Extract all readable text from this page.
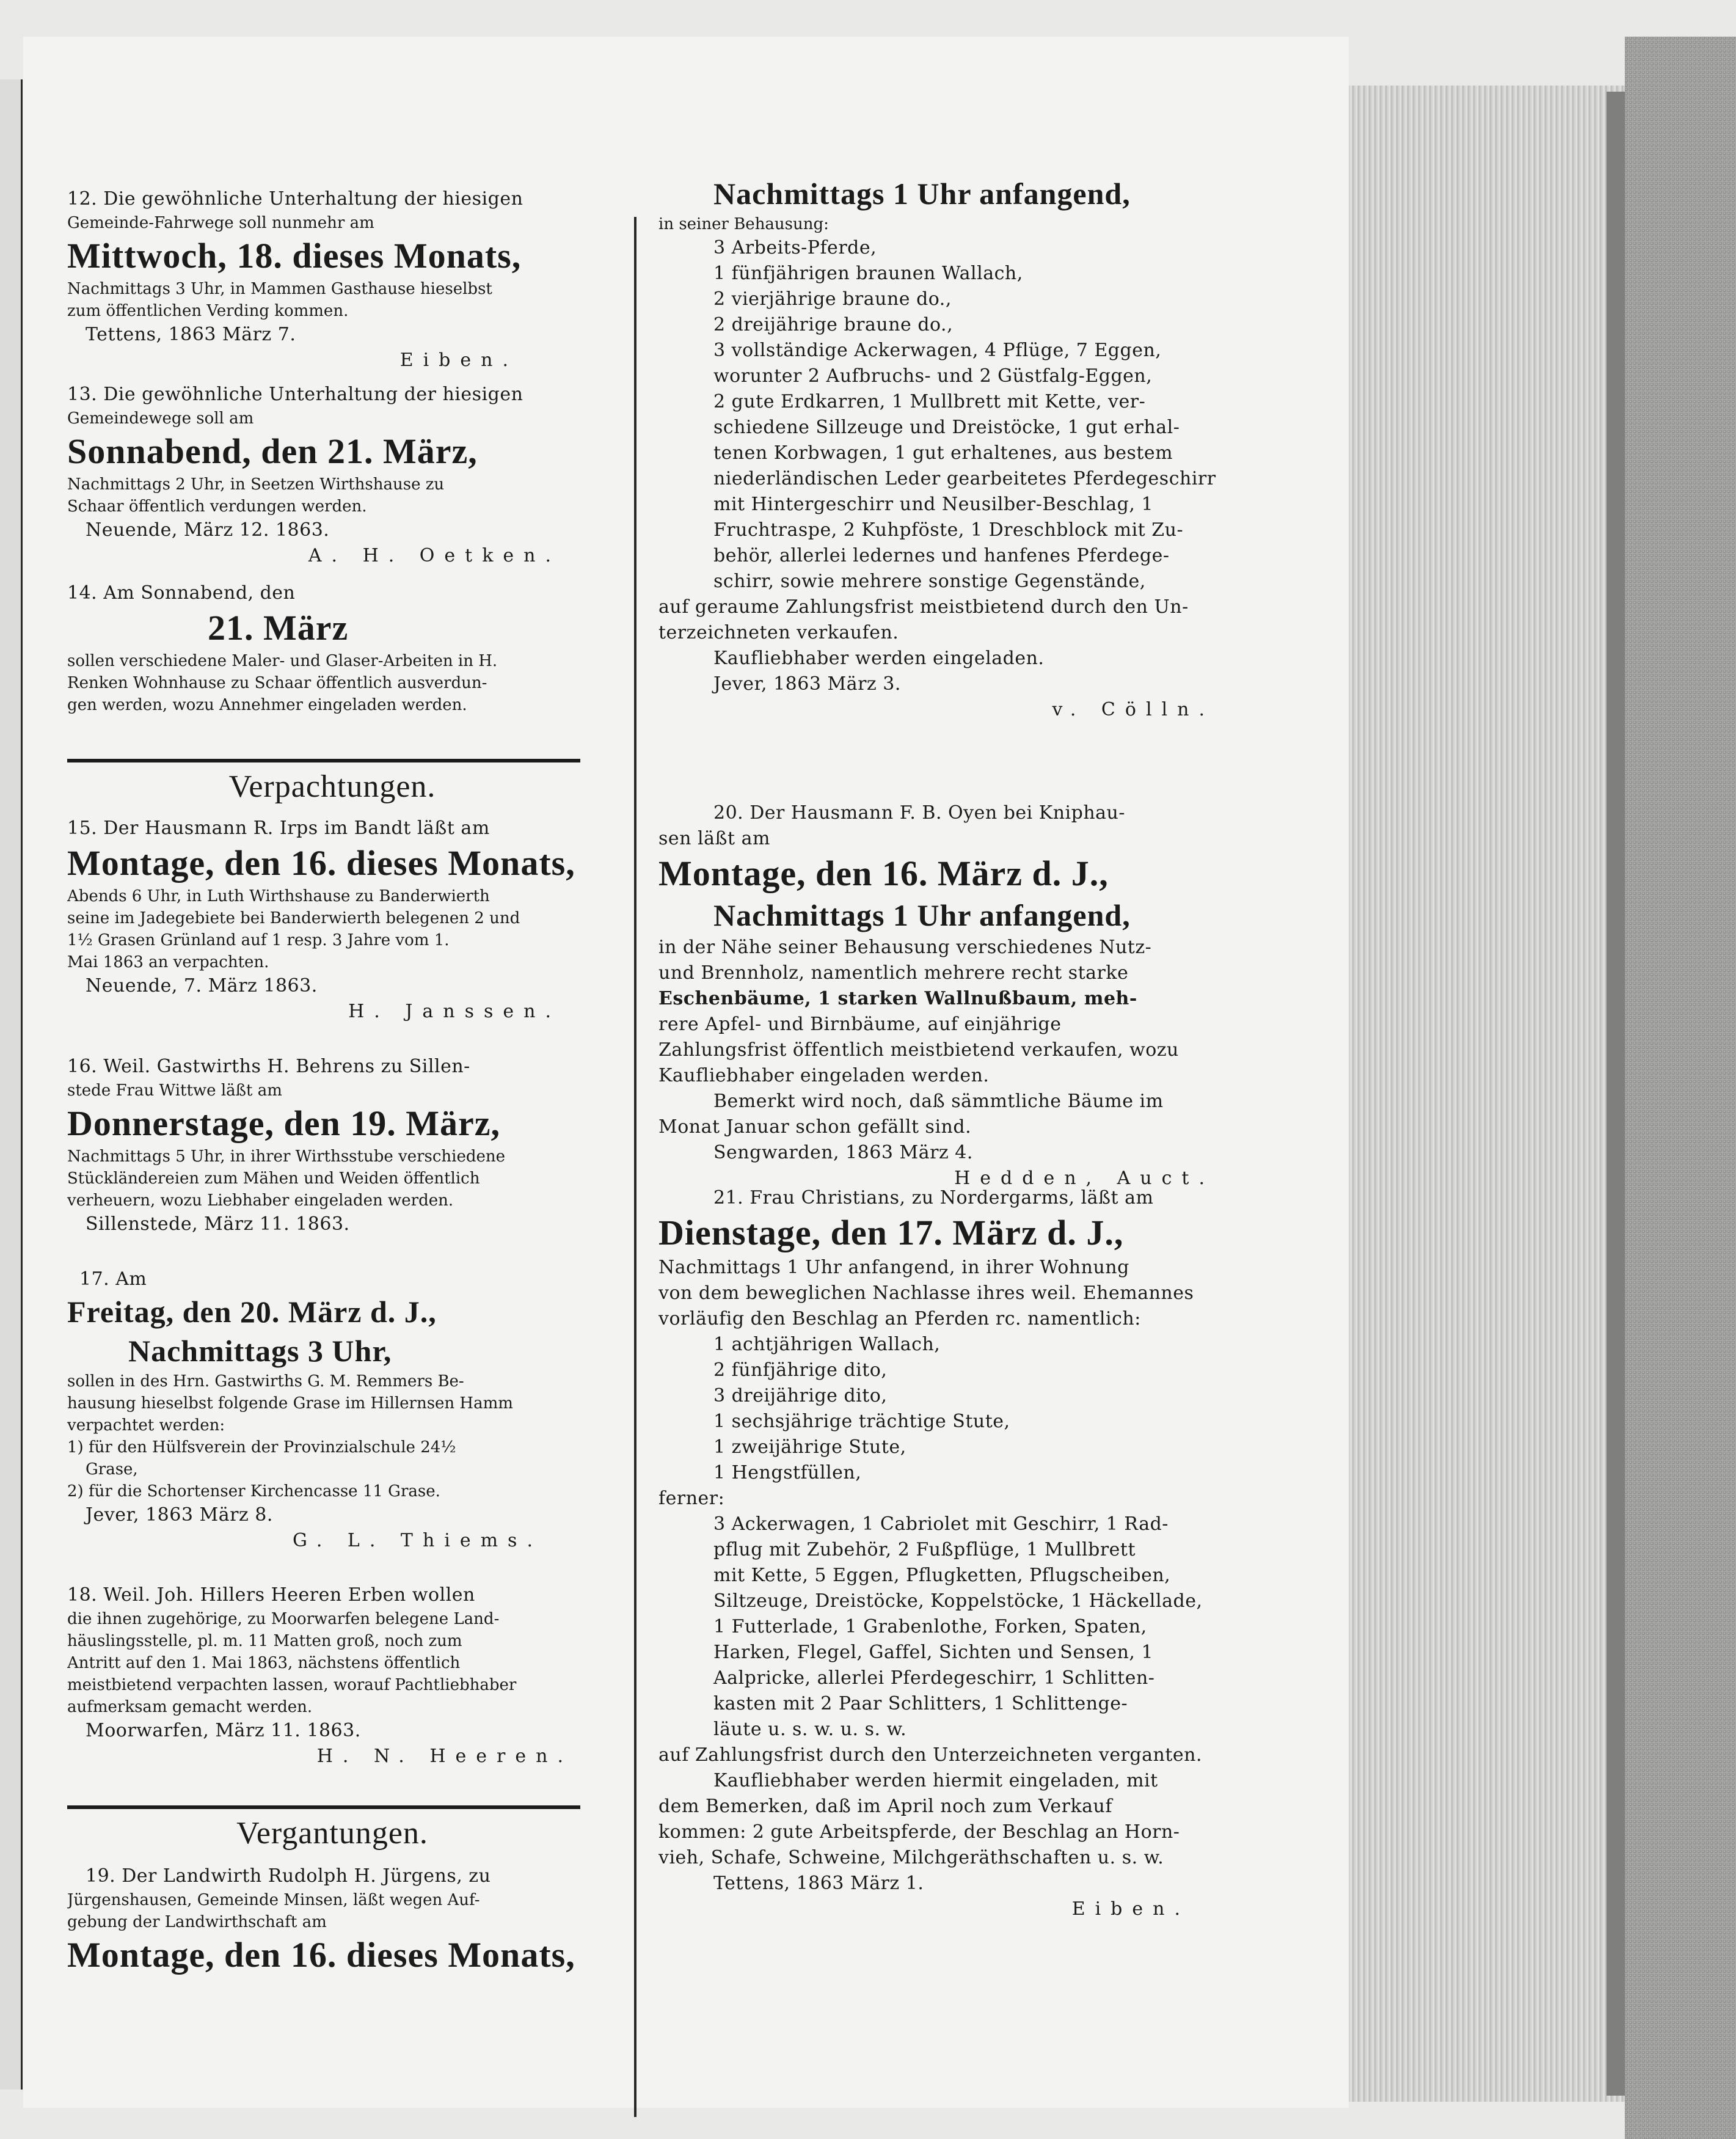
12. Die gewöhnliche Unterhaltung der hiesigen
Gemeinde-Fahrwege soll nunmehr am
Mittwoch, 18. dieses Monats,
Nachmittags 3 Uhr, in Mammen Gasthause hieselbst
zum öffentlichen Verding kommen.
Tettens, 1863 März 7.
Eiben.
13. Die gewöhnliche Unterhaltung der hiesigen
Gemeindewege soll am
Sonnabend, den 21. März,
Nachmittags 2 Uhr, in Seetzen Wirthshause zu
Schaar öffentlich verdungen werden.
Neuende, März 12. 1863.
A. H. Oetken.
14. Am Sonnabend, den
21. März
sollen verschiedene Maler- und Glaser-Arbeiten in H.
Renken Wohnhause zu Schaar öffentlich ausverdun-
gen werden, wozu Annehmer eingeladen werden.
Verpachtungen.
15. Der Hausmann R. Irps im Bandt läßt am
Montage, den 16. dieses Monats,
Abends 6 Uhr, in Luth Wirthshause zu Banderwierth
seine im Jadegebiete bei Banderwierth belegenen 2 und
1½ Grasen Grünland auf 1 resp. 3 Jahre vom 1.
Mai 1863 an verpachten.
Neuende, 7. März 1863.
H. Janssen.
16. Weil. Gastwirths H. Behrens zu Sillen-
stede Frau Wittwe läßt am
Donnerstage, den 19. März,
Nachmittags 5 Uhr, in ihrer Wirthsstube verschiedene
Stückländereien zum Mähen und Weiden öffentlich
verheuern, wozu Liebhaber eingeladen werden.
Sillenstede, März 11. 1863.
17. Am
Freitag, den 20. März d. J.,
Nachmittags 3 Uhr,
sollen in des Hrn. Gastwirths G. M. Remmers Be-
hausung hieselbst folgende Grase im Hillernsen Hamm
verpachtet werden:
1) für den Hülfsverein der Provinzialschule 24½
Grase,
2) für die Schortenser Kirchencasse 11 Grase.
Jever, 1863 März 8.
G. L. Thiems.
18. Weil. Joh. Hillers Heeren Erben wollen
die ihnen zugehörige, zu Moorwarfen belegene Land-
häuslingsstelle, pl. m. 11 Matten groß, noch zum
Antritt auf den 1. Mai 1863, nächstens öffentlich
meistbietend verpachten lassen, worauf Pachtliebhaber
aufmerksam gemacht werden.
Moorwarfen, März 11. 1863.
H. N. Heeren.
Vergantungen.
19. Der Landwirth Rudolph H. Jürgens, zu
Jürgenshausen, Gemeinde Minsen, läßt wegen Auf-
gebung der Landwirthschaft am
Montage, den 16. dieses Monats,
Nachmittags 1 Uhr anfangend,
in seiner Behausung:
3 Arbeits-Pferde,
1 fünfjährigen braunen Wallach,
2 vierjährige braune do.,
2 dreijährige braune do.,
3 vollständige Ackerwagen, 4 Pflüge, 7 Eggen,
worunter 2 Aufbruchs- und 2 Güstfalg-Eggen,
2 gute Erdkarren, 1 Mullbrett mit Kette, ver-
schiedene Sillzeuge und Dreistöcke, 1 gut erhal-
tenen Korbwagen, 1 gut erhaltenes, aus bestem
niederländischen Leder gearbeitetes Pferdegeschirr
mit Hintergeschirr und Neusilber-Beschlag, 1
Fruchtraspe, 2 Kuhpföste, 1 Dreschblock mit Zu-
behör, allerlei ledernes und hanfenes Pferdege-
schirr, sowie mehrere sonstige Gegenstände,
auf geraume Zahlungsfrist meistbietend durch den Un-
terzeichneten verkaufen.
Kaufliebhaber werden eingeladen.
Jever, 1863 März 3.
v. Cölln.
20. Der Hausmann F. B. Oyen bei Kniphau-
sen läßt am
Montage, den 16. März d. J.,
Nachmittags 1 Uhr anfangend,
in der Nähe seiner Behausung verschiedenes Nutz-
und Brennholz, namentlich mehrere recht starke
Eschenbäume, 1 starken Wallnußbaum, meh-
rere Apfel- und Birnbäume, auf einjährige
Zahlungsfrist öffentlich meistbietend verkaufen, wozu
Kaufliebhaber eingeladen werden.
Bemerkt wird noch, daß sämmtliche Bäume im
Monat Januar schon gefällt sind.
Sengwarden, 1863 März 4.
Hedden, Auct.
21. Frau Christians, zu Nordergarms, läßt am
Dienstage, den 17. März d. J.,
Nachmittags 1 Uhr anfangend, in ihrer Wohnung
von dem beweglichen Nachlasse ihres weil. Ehemannes
vorläufig den Beschlag an Pferden rc. namentlich:
1 achtjährigen Wallach,
2 fünfjährige dito,
3 dreijährige dito,
1 sechsjährige trächtige Stute,
1 zweijährige Stute,
1 Hengstfüllen,
ferner:
3 Ackerwagen, 1 Cabriolet mit Geschirr, 1 Rad-
pflug mit Zubehör, 2 Fußpflüge, 1 Mullbrett
mit Kette, 5 Eggen, Pflugketten, Pflugscheiben,
Siltzeuge, Dreistöcke, Koppelstöcke, 1 Häckellade,
1 Futterlade, 1 Grabenlothe, Forken, Spaten,
Harken, Flegel, Gaffel, Sichten und Sensen, 1
Aalpricke, allerlei Pferdegeschirr, 1 Schlitten-
kasten mit 2 Paar Schlitters, 1 Schlittenge-
läute u. s. w. u. s. w.
auf Zahlungsfrist durch den Unterzeichneten verganten.
Kaufliebhaber werden hiermit eingeladen, mit
dem Bemerken, daß im April noch zum Verkauf
kommen: 2 gute Arbeitspferde, der Beschlag an Horn-
vieh, Schafe, Schweine, Milchgeräthschaften u. s. w.
Tettens, 1863 März 1.
Eiben.
